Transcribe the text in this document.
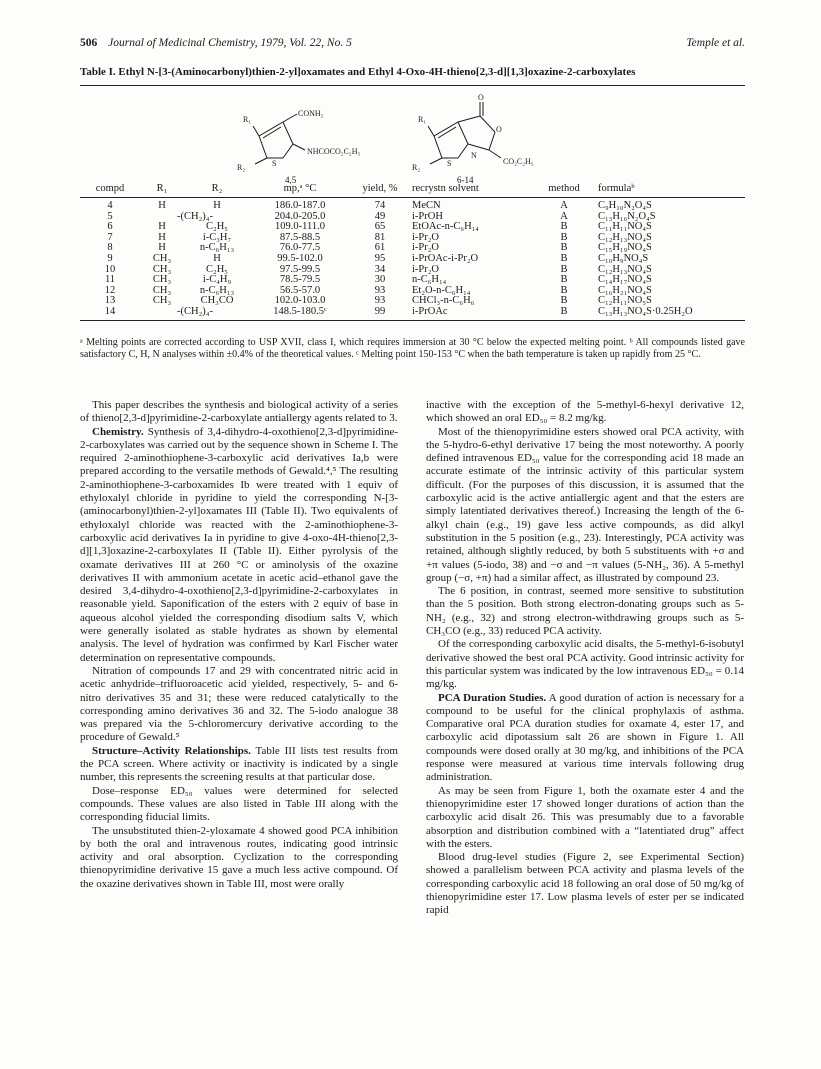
506 Journal of Medicinal Chemistry, 1979, Vol. 22, No. 5	Temple et al.
Table I. Ethyl N-[3-(Aminocarbonyl)thien-2-yl]oxamates and Ethyl 4-Oxo-4H-thieno[2,3-d][1,3]oxazine-2-carboxylates
R₁
R₂
CONH₂
NHCOCO₂C₂H₅
S
4,5
O
O
R₁
R₂	S
N
CO₂C₂H₅
6-14
compd	R₁	R₂	mp,ᵃ °C	yield, %	recrystn solvent	method	formulaᵇ
4	H	H	186.0-187.0	74	MeCN	A	C₉H₁₀N₂O₄S
5	-(CH₂)₄-		204.0-205.0	49	i-PrOH	A	C₁₃H₁₆N₂O₄S
6	H	C₂H₅	109.0-111.0	65	EtOAc-n-C₆H₁₄	B	C₁₁H₁₁NO₄S
7	H	i-C₃H₇	87.5-88.5	81	i-Pr₂O	B	C₁₂H₁₃NO₄S
8	H	n-C₆H₁₃	76.0-77.5	61	i-Pr₂O	B	C₁₅H₁₉NO₄S
9	CH₃	H	99.5-102.0	95	i-PrOAc-i-Pr₂O	B	C₁₀H₉NO₄S
10	CH₃	C₂H₅	97.5-99.5	34	i-Pr₂O	B	C₁₂H₁₃NO₄S
11	CH₃	i-C₄H₉	78.5-79.5	30	n-C₆H₁₄	B	C₁₄H₁₇NO₄S
12	CH₃	n-C₆H₁₃	56.5-57.0	93	Et₂O-n-C₆H₁₄	B	C₁₆H₂₁NO₄S
13	CH₃	CH₃CO	102.0-103.0	93	CHCl₃-n-C₆H₆	B	C₁₂H₁₁NO₅S
14	-(CH₂)₄-		148.5-180.5ᶜ	99	i-PrOAc	B	C₁₃H₁₃NO₄S·0.25H₂O
ᵃ Melting points are corrected according to USP XVII, class I, which requires immersion at 30 °C below the expected melting point. ᵇ All compounds listed gave satisfactory C, H, N analyses within ±0.4% of the theoretical values. ᶜ Melting point 150-153 °C when the bath temperature is taken up rapidly from 25 °C.

This paper describes the synthesis and biological activity of a series of thieno[2,3-d]pyrimidine-2-carboxylate antiallergy agents related to 3.

Chemistry. Synthesis of 3,4-dihydro-4-oxothieno[2,3-d]pyrimidine-2-carboxylates was carried out by the sequence shown in Scheme I. The required 2-aminothiophene-3-carboxylic acid derivatives Ia,b were prepared according to the versatile methods of Gewald.⁴,⁵ The resulting 2-aminothiophene-3-carboxamides Ib were treated with 1 equiv of ethyloxalyl chloride in pyridine to yield the corresponding N-[3-(aminocarbonyl)thien-2-yl]oxamates III (Table II). Two equivalents of ethyloxalyl chloride was reacted with the 2-aminothiophene-3-carboxylic acid derivatives Ia in pyridine to give 4-oxo-4H-thieno[2,3-d][1,3]oxazine-2-carboxylates II (Table II). Either pyrolysis of the oxamate derivatives III at 260 °C or aminolysis of the oxazine derivatives II with ammonium acetate in acetic acid–ethanol gave the desired 3,4-dihydro-4-oxothieno[2,3-d]pyrimidine-2-carboxylates in reasonable yield. Saponification of the esters with 2 equiv of base in aqueous alcohol yielded the corresponding disodium salts V, which were generally isolated as stable hydrates as shown by elemental analysis. The level of hydration was confirmed by Karl Fischer water determination on representative compounds.

Nitration of compounds 17 and 29 with concentrated nitric acid in acetic anhydride–trifluoroacetic acid yielded, respectively, 5- and 6-nitro derivatives 35 and 31; these were reduced catalytically to the corresponding amino derivatives 36 and 32. The 5-iodo analogue 38 was prepared via the 5-chloromercury derivative according to the procedure of Gewald.⁵

Structure–Activity Relationships. Table III lists test results from the PCA screen. Where activity or inactivity is indicated by a single number, this represents the screening results at that particular dose.

Dose–response ED₅₀ values were determined for selected compounds. These values are also listed in Table III along with the corresponding fiducial limits.

The unsubstituted thien-2-yloxamate 4 showed good PCA inhibition by both the oral and intravenous routes, indicating good intrinsic activity and oral absorption. Cyclization to the corresponding thienopyrimidine derivative 15 gave a much less active compound. Of the oxazine derivatives shown in Table III, most were orally

inactive with the exception of the 5-methyl-6-hexyl derivative 12, which showed an oral ED₅₀ = 8.2 mg/kg.

Most of the thienopyrimidine esters showed oral PCA activity, with the 5-hydro-6-ethyl derivative 17 being the most noteworthy. A poorly defined intravenous ED₅₀ value for the corresponding acid 18 made an accurate estimate of the intrinsic activity of this particular system difficult. (For the purposes of this discussion, it is assumed that the carboxylic acid is the active antiallergic agent and that the esters are simply latentiated derivatives thereof.) Increasing the length of the 6-alkyl chain (e.g., 19) gave less active compounds, as did alkyl substitution in the 5 position (e.g., 23). Interestingly, PCA activity was retained, although slightly reduced, by both 5 substituents with +σ and +π values (5-iodo, 38) and −σ and −π values (5-NH₂, 36). A 5-methyl group (−σ, +π) had a similar affect, as illustrated by compound 23.

The 6 position, in contrast, seemed more sensitive to substitution than the 5 position. Both strong electron-donating groups such as 5-NH₂ (e.g., 32) and strong electron-withdrawing groups such as 5-CH₃CO (e.g., 33) reduced PCA activity.

Of the corresponding carboxylic acid disalts, the 5-methyl-6-isobutyl derivative showed the best oral PCA activity. Good intrinsic activity for this particular system was indicated by the low intravenous ED₅₀ = 0.14 mg/kg.

PCA Duration Studies. A good duration of action is necessary for a compound to be useful for the clinical prophylaxis of asthma. Comparative oral PCA duration studies for oxamate 4, ester 17, and carboxylic acid dipotassium salt 26 are shown in Figure 1. All compounds were dosed orally at 30 mg/kg, and inhibitions of the PCA response were measured at various time intervals following drug administration.

As may be seen from Figure 1, both the oxamate ester 4 and the thienopyrimidine ester 17 showed longer durations of action than the carboxylic acid disalt 26. This was presumably due to a favorable absorption and distribution combined with a “latentiated drug” affect with the esters.

Blood drug-level studies (Figure 2, see Experimental Section) showed a parallelism between PCA activity and plasma levels of the corresponding carboxylic acid 18 following an oral dose of 50 mg/kg of thienopyrimidine ester 17. Low plasma levels of ester per se indicated rapid
